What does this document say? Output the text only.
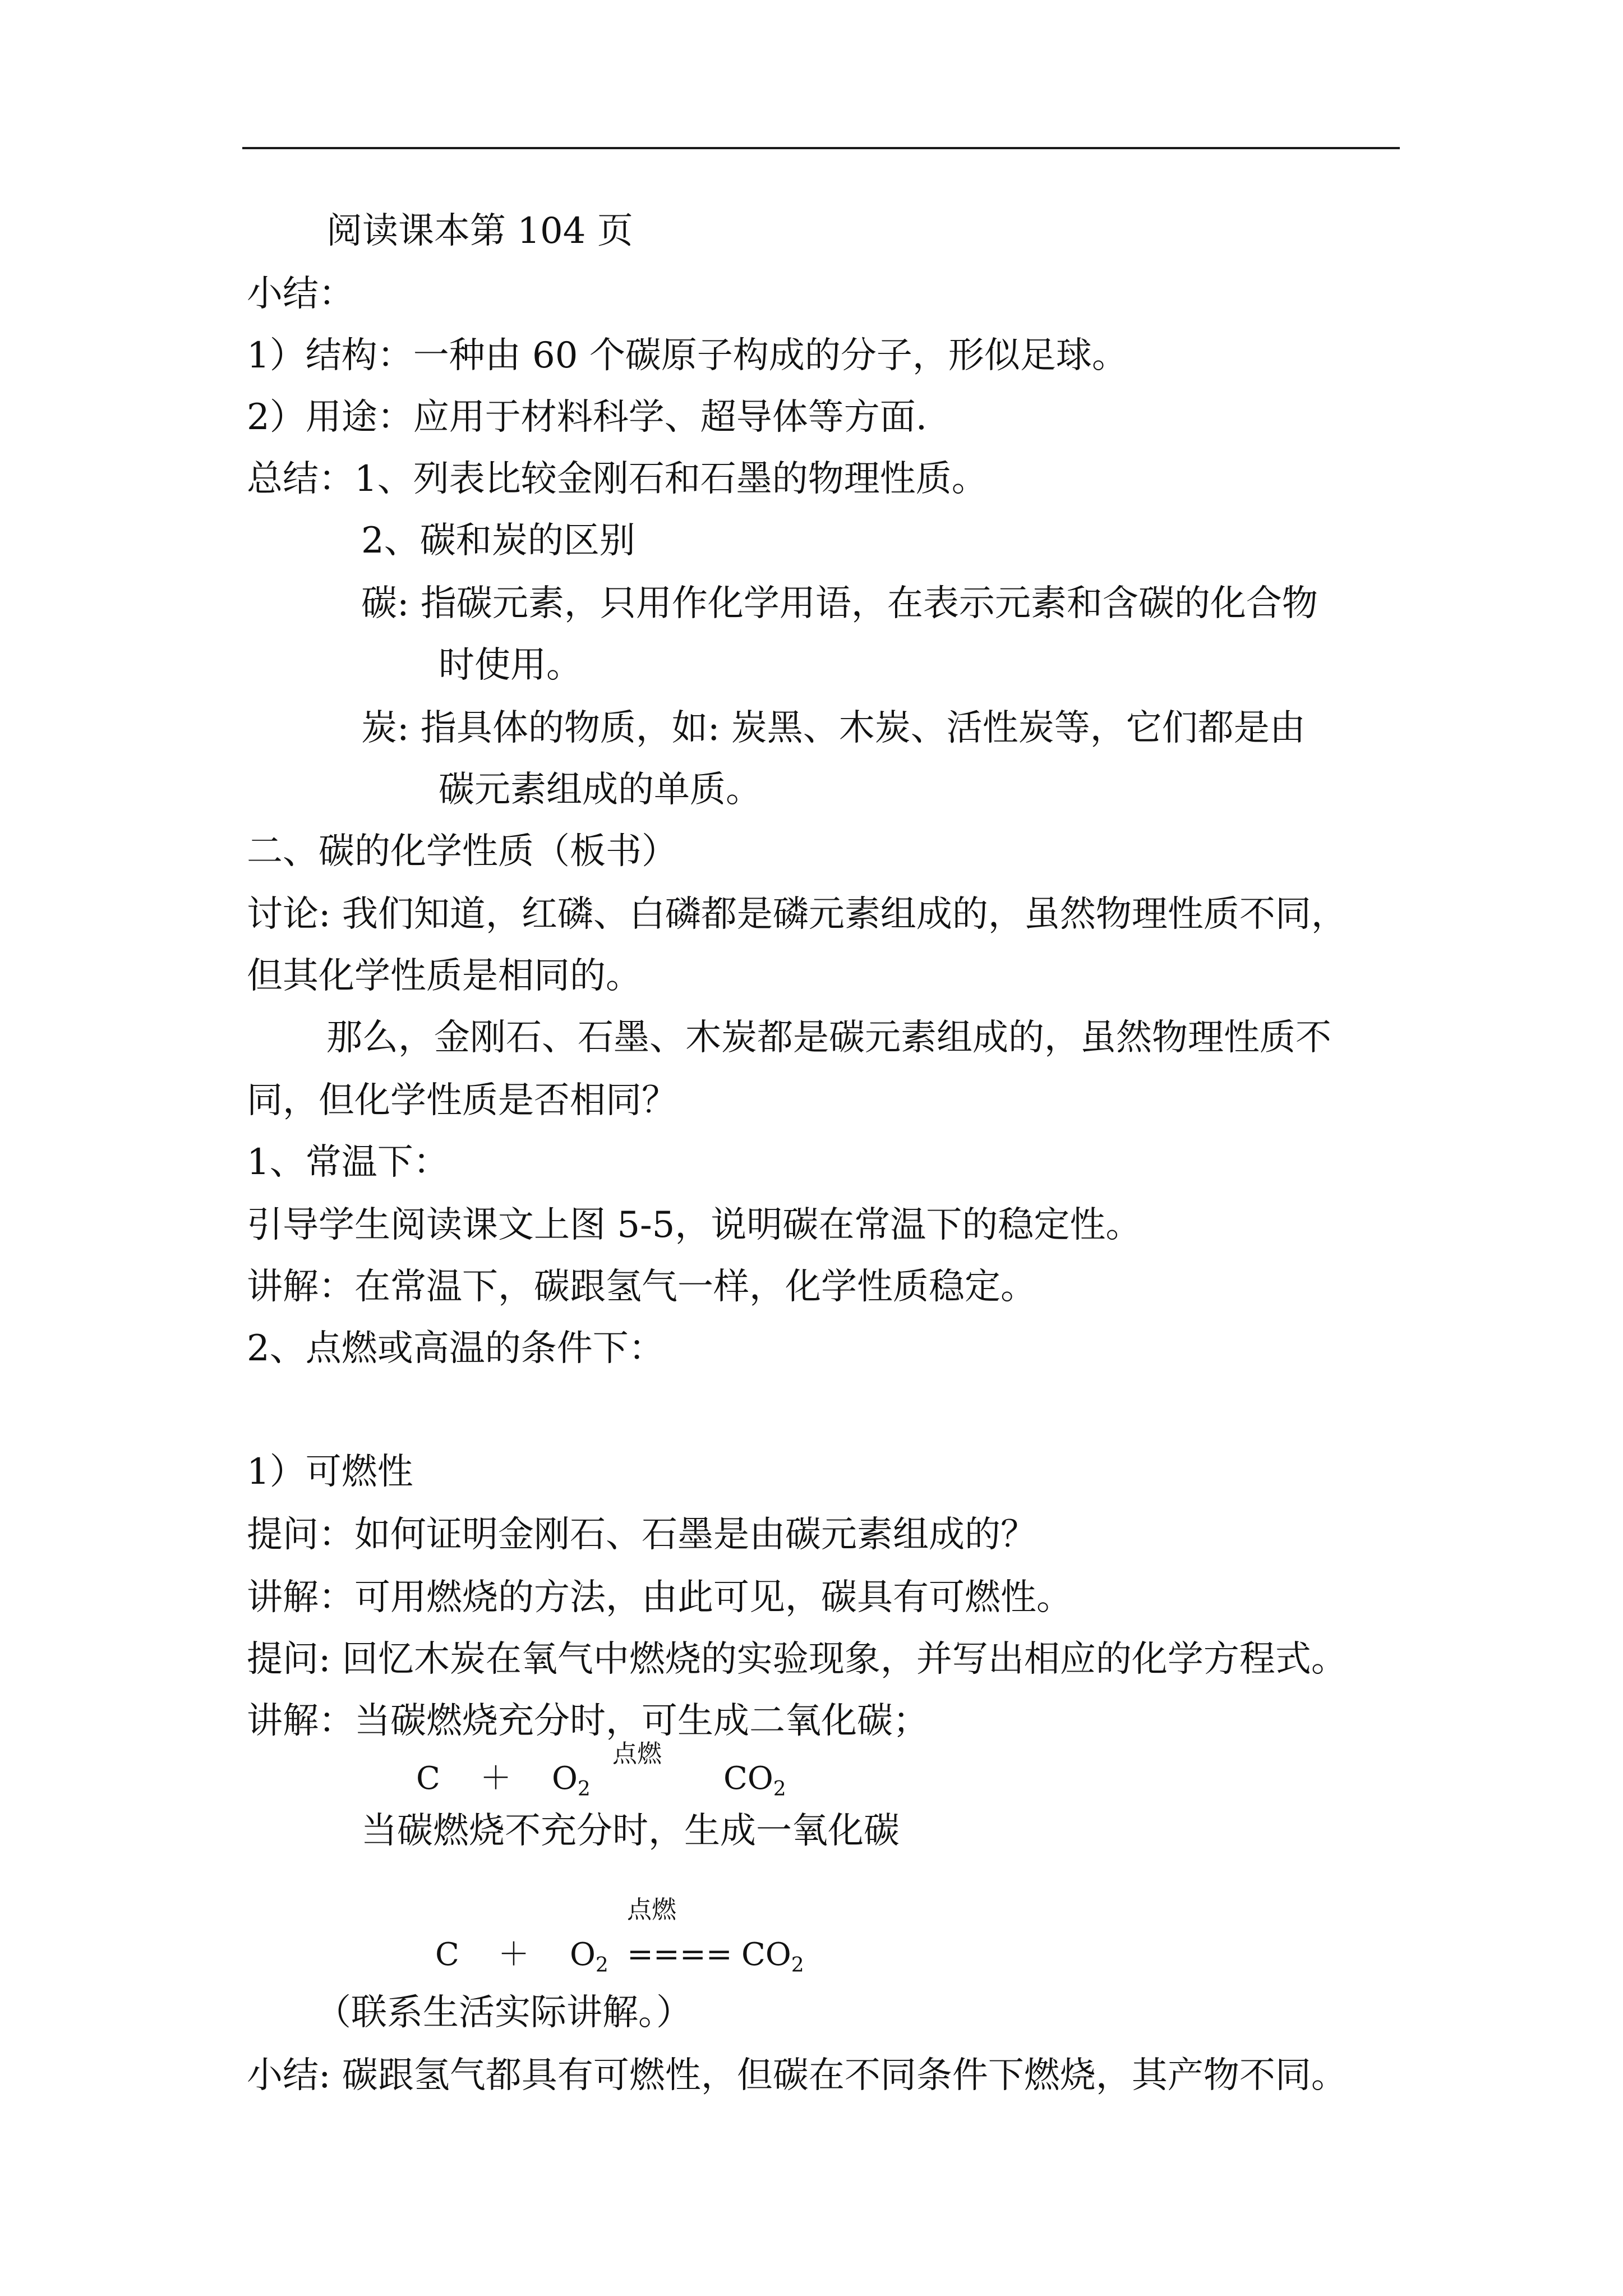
阅读课本第 104 页
小结：
1）结构：一种由 60 个碳原子构成的分子，形似足球。
2）用途：应用于材料科学、超导体等方面.
总结：1、列表比较金刚石和石墨的物理性质。
2、碳和炭的区别
碳: 指碳元素，只用作化学用语，在表示元素和含碳的化合物
时使用。
炭: 指具体的物质，如: 炭黑、木炭、活性炭等，它们都是由
碳元素组成的单质。
二、碳的化学性质（板书）
讨论: 我们知道，红磷、白磷都是磷元素组成的，虽然物理性质不同，
但其化学性质是相同的。
那么，金刚石、石墨、木炭都是碳元素组成的，虽然物理性质不
同，但化学性质是否相同？
1、常温下：
引导学生阅读课文上图 5-5，说明碳在常温下的稳定性。
讲解：在常温下，碳跟氢气一样，化学性质稳定。
2、点燃或高温的条件下：
1）可燃性
提问：如何证明金刚石、石墨是由碳元素组成的？
讲解：可用燃烧的方法，由此可见，碳具有可燃性。
提问: 回忆木炭在氧气中燃烧的实验现象，并写出相应的化学方程式。
讲解：当碳燃烧充分时，可生成二氧化碳；
$C + O_2$
点燃
$CO_2$
当碳燃烧不充分时，生成一氧化碳
点燃
$C + O_2$ ==== $CO_2$
（联系生活实际讲解。）
小结: 碳跟氢气都具有可燃性，但碳在不同条件下燃烧，其产物不同。
